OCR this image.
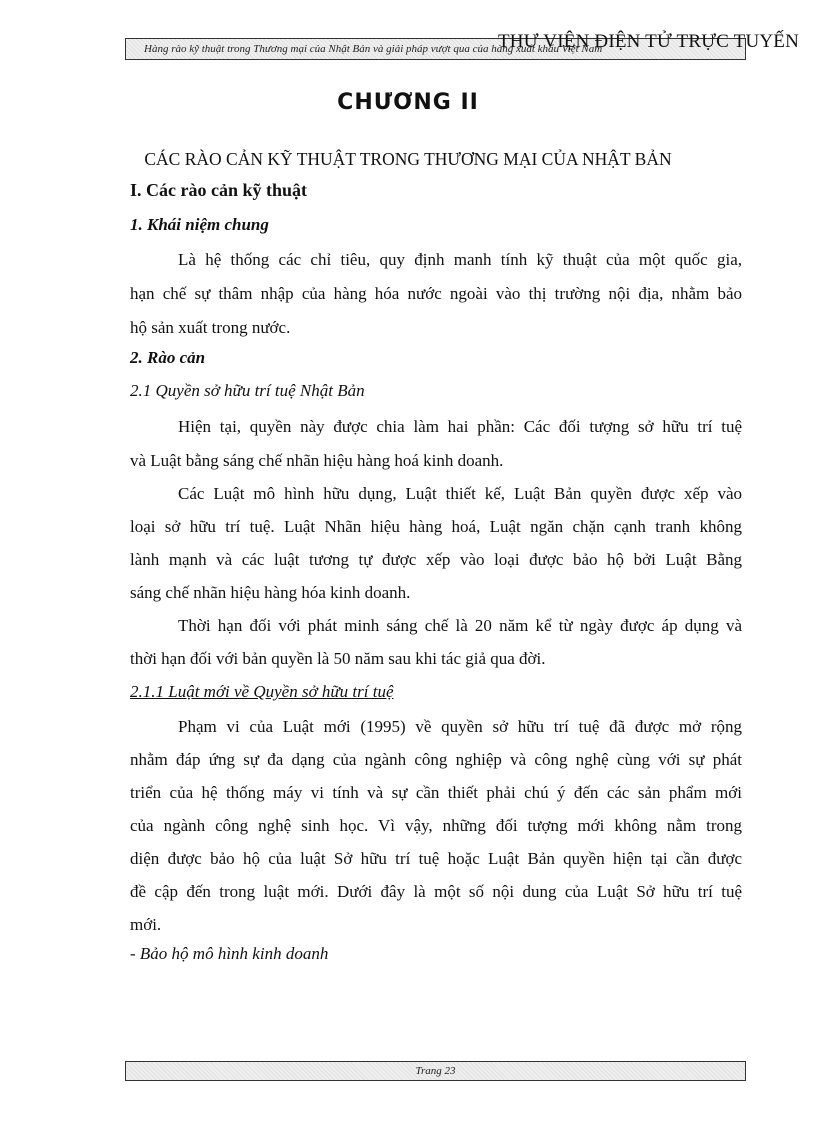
Hàng rào kỹ thuật trong Thương mại của Nhật Bản và giải pháp vượt qua của hàng xuất khẩu Việt Nam
THƯ VIỆN ĐIỆN TỬ TRỰC TUYẾN
CHƯƠNG II
CÁC RÀO CẢN KỸ THUẬT TRONG THƯƠNG MẠI CỦA NHẬT BẢN
I. Các rào cản kỹ thuật
1. Khái niệm chung
Là hệ thống các chỉ tiêu, quy định manh tính kỹ thuật của một quốc gia,
hạn chế sự thâm nhập của hàng hóa nước ngoài vào thị trường nội địa, nhằm bảo
hộ sản xuất trong nước.
2. Rào cản
2.1 Quyền sở hữu trí tuệ Nhật Bản
Hiện tại, quyền này được chia làm hai phần: Các đối tượng sở hữu trí tuệ
và Luật bằng sáng chế nhãn hiệu hàng hoá kinh doanh.
Các Luật mô hình hữu dụng, Luật thiết kế, Luật Bản quyền được xếp vào
loại sở hữu trí tuệ. Luật Nhãn hiệu hàng hoá, Luật ngăn chặn cạnh tranh không
lành mạnh và các luật tương tự được xếp vào loại được bảo hộ bởi Luật Bằng
sáng chế nhãn hiệu hàng hóa kinh doanh.
Thời hạn đối với phát minh sáng chế là 20 năm kể từ ngày được áp dụng và
thời hạn đối với bản quyền là 50 năm sau khi tác giả qua đời.
2.1.1 Luật mới về Quyền sở hữu trí tuệ
Phạm vi của Luật mới (1995) về quyền sở hữu trí tuệ đã được mở rộng
nhằm đáp ứng sự đa dạng của ngành công nghiệp và công nghệ cùng với sự phát
triển của hệ thống máy vi tính và sự cần thiết phải chú ý đến các sản phẩm mới
của ngành công nghệ sinh học. Vì vậy, những đối tượng mới không nằm trong
diện được bảo hộ của luật Sở hữu trí tuệ hoặc Luật Bản quyền hiện tại cần được
đề cập đến trong luật mới. Dưới đây là một số nội dung của Luật Sở hữu trí tuệ
mới.
- Bảo hộ mô hình kinh doanh
Trang 23
